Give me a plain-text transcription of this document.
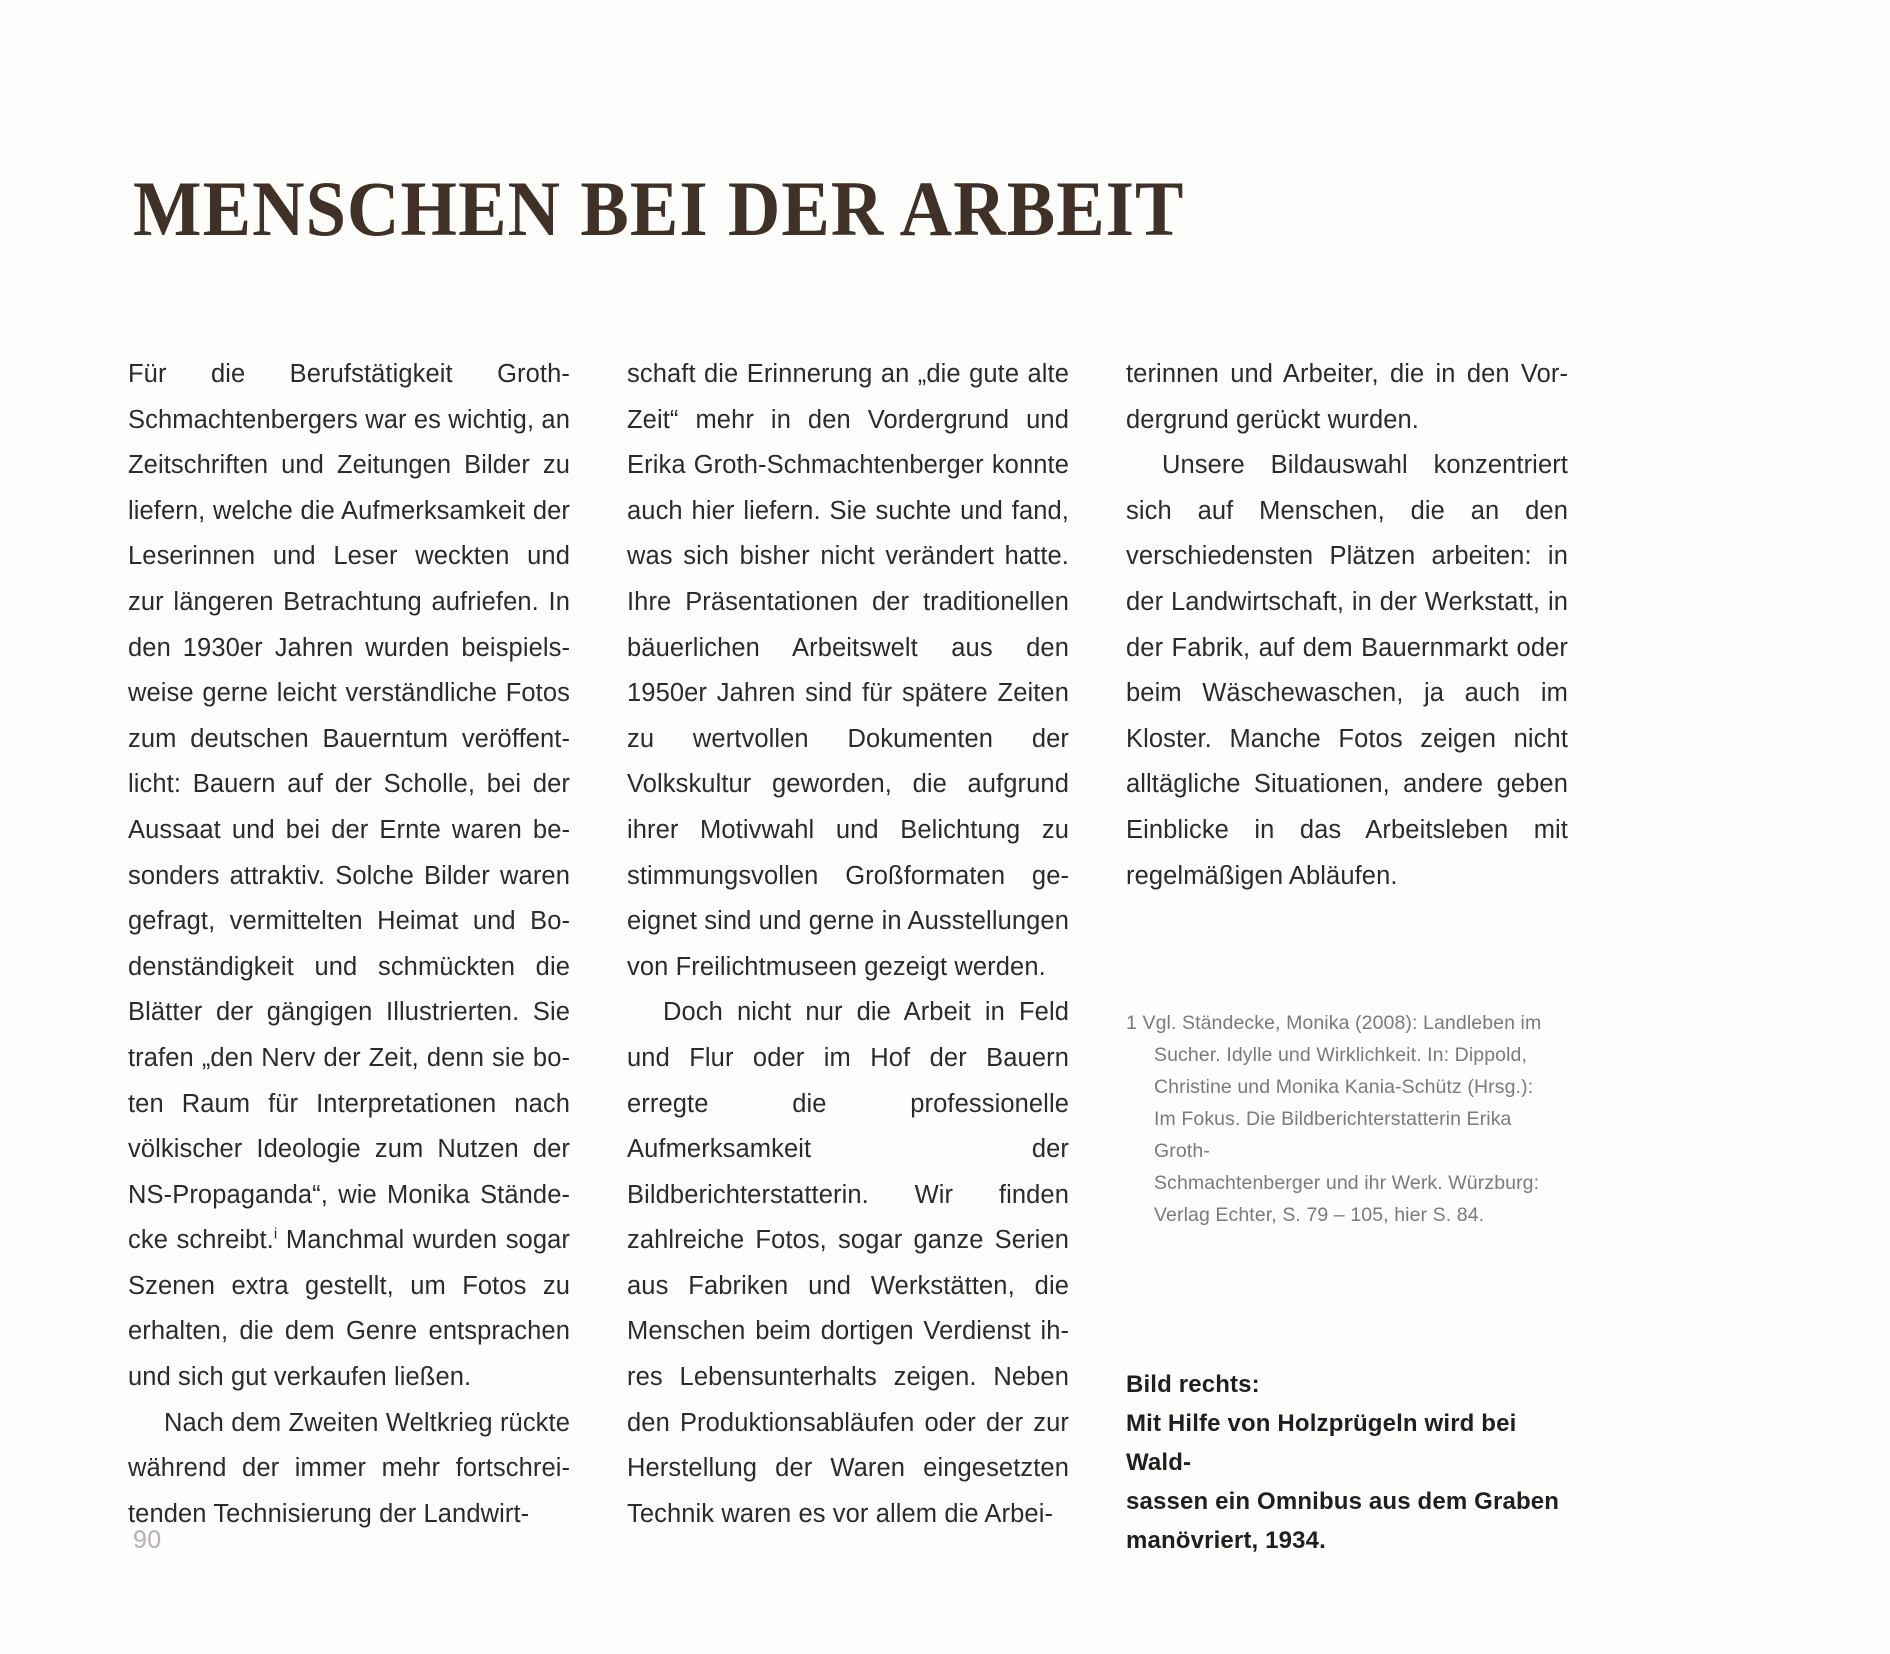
MENSCHEN BEI DER ARBEIT

Für die Berufstätigkeit Groth-Schmachtenbergers war es wichtig, an Zeitschriften und Zeitungen Bilder zu liefern, welche die Aufmerksamkeit der Leserinnen und Leser weckten und zur längeren Betrachtung aufriefen. In den 1930er Jahren wurden beispielsweise gerne leicht verständliche Fotos zum deutschen Bauerntum veröffentlicht: Bauern auf der Scholle, bei der Aussaat und bei der Ernte waren besonders attraktiv. Solche Bilder waren gefragt, vermittelten Heimat und Bodenständigkeit und schmückten die Blätter der gängigen Illustrierten. Sie trafen „den Nerv der Zeit, denn sie boten Raum für Interpretationen nach völkischer Ideologie zum Nutzen der NS-Propaganda“, wie Monika Ständecke schreibt.$^i$ Manchmal wurden sogar Szenen extra gestellt, um Fotos zu erhalten, die dem Genre entsprachen und sich gut verkaufen ließen.

Nach dem Zweiten Weltkrieg rückte während der immer mehr fortschreitenden Technisierung der Landwirt-

schaft die Erinnerung an „die gute alte Zeit“ mehr in den Vordergrund und Erika Groth-Schmachtenberger konnte auch hier liefern. Sie suchte und fand, was sich bisher nicht verändert hatte. Ihre Präsentationen der traditionellen bäuerlichen Arbeitswelt aus den 1950er Jahren sind für spätere Zeiten zu wertvollen Dokumenten der Volkskultur geworden, die aufgrund ihrer Motivwahl und Belichtung zu stimmungsvollen Großformaten geeignet sind und gerne in Ausstellungen von Freilichtmuseen gezeigt werden.

Doch nicht nur die Arbeit in Feld und Flur oder im Hof der Bauern erregte die professionelle Aufmerksamkeit der Bildberichterstatterin. Wir finden zahlreiche Fotos, sogar ganze Serien aus Fabriken und Werkstätten, die Menschen beim dortigen Verdienst ihres Lebensunterhalts zeigen. Neben den Produktionsabläufen oder der zur Herstellung der Waren eingesetzten Technik waren es vor allem die Arbei-

terinnen und Arbeiter, die in den Vordergrund gerückt wurden.

Unsere Bildauswahl konzentriert sich auf Menschen, die an den verschiedensten Plätzen arbeiten: in der Landwirtschaft, in der Werkstatt, in der Fabrik, auf dem Bauernmarkt oder beim Wäschewaschen, ja auch im Kloster. Manche Fotos zeigen nicht alltägliche Situationen, andere geben Einblicke in das Arbeitsleben mit regelmäßigen Abläufen.

1 Vgl. Ständecke, Monika (2008): Landleben im
Sucher. Idylle und Wirklichkeit. In: Dippold,
Christine und Monika Kania-Schütz (Hrsg.):
Im Fokus. Die Bildberichterstatterin Erika Groth-
Schmachtenberger und ihr Werk. Würzburg:
Verlag Echter, S. 79 – 105, hier S. 84.
Bild rechts:
Mit Hilfe von Holzprügeln wird bei Wald-
sassen ein Omnibus aus dem Graben
manövriert, 1934.
90
